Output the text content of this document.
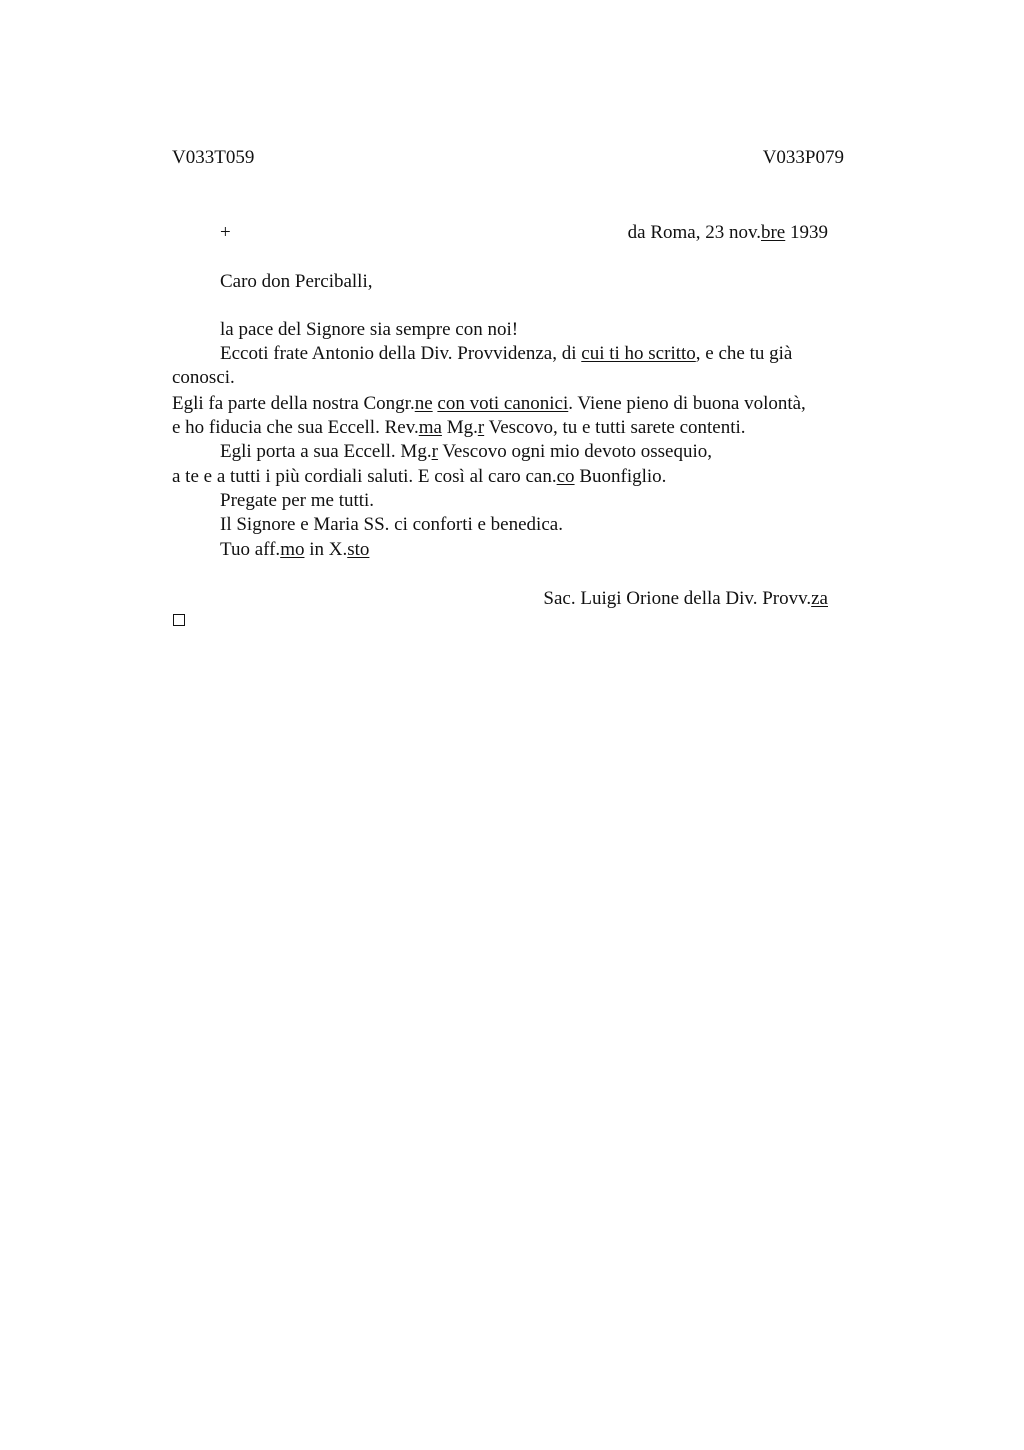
V033T059	V033P079
+	da Roma, 23 nov.bre 1939
Caro don Perciballi,
la pace del Signore sia sempre con noi!
Eccoti frate Antonio della Div. Provvidenza, di cui ti ho scritto, e che tu già
conosci.
Egli fa parte della nostra Congr.ne con voti canonici. Viene pieno di buona volontà,
e ho fiducia che sua Eccell. Rev.ma Mg.r Vescovo, tu e tutti sarete contenti.
Egli porta a sua Eccell. Mg.r Vescovo ogni mio devoto ossequio,
a te e a tutti i più cordiali saluti. E così al caro can.co Buonfiglio.
Pregate per me tutti.
Il Signore e Maria SS. ci conforti e benedica.
Tuo aff.mo in X.sto
Sac. Luigi Orione della Div. Provv.za
